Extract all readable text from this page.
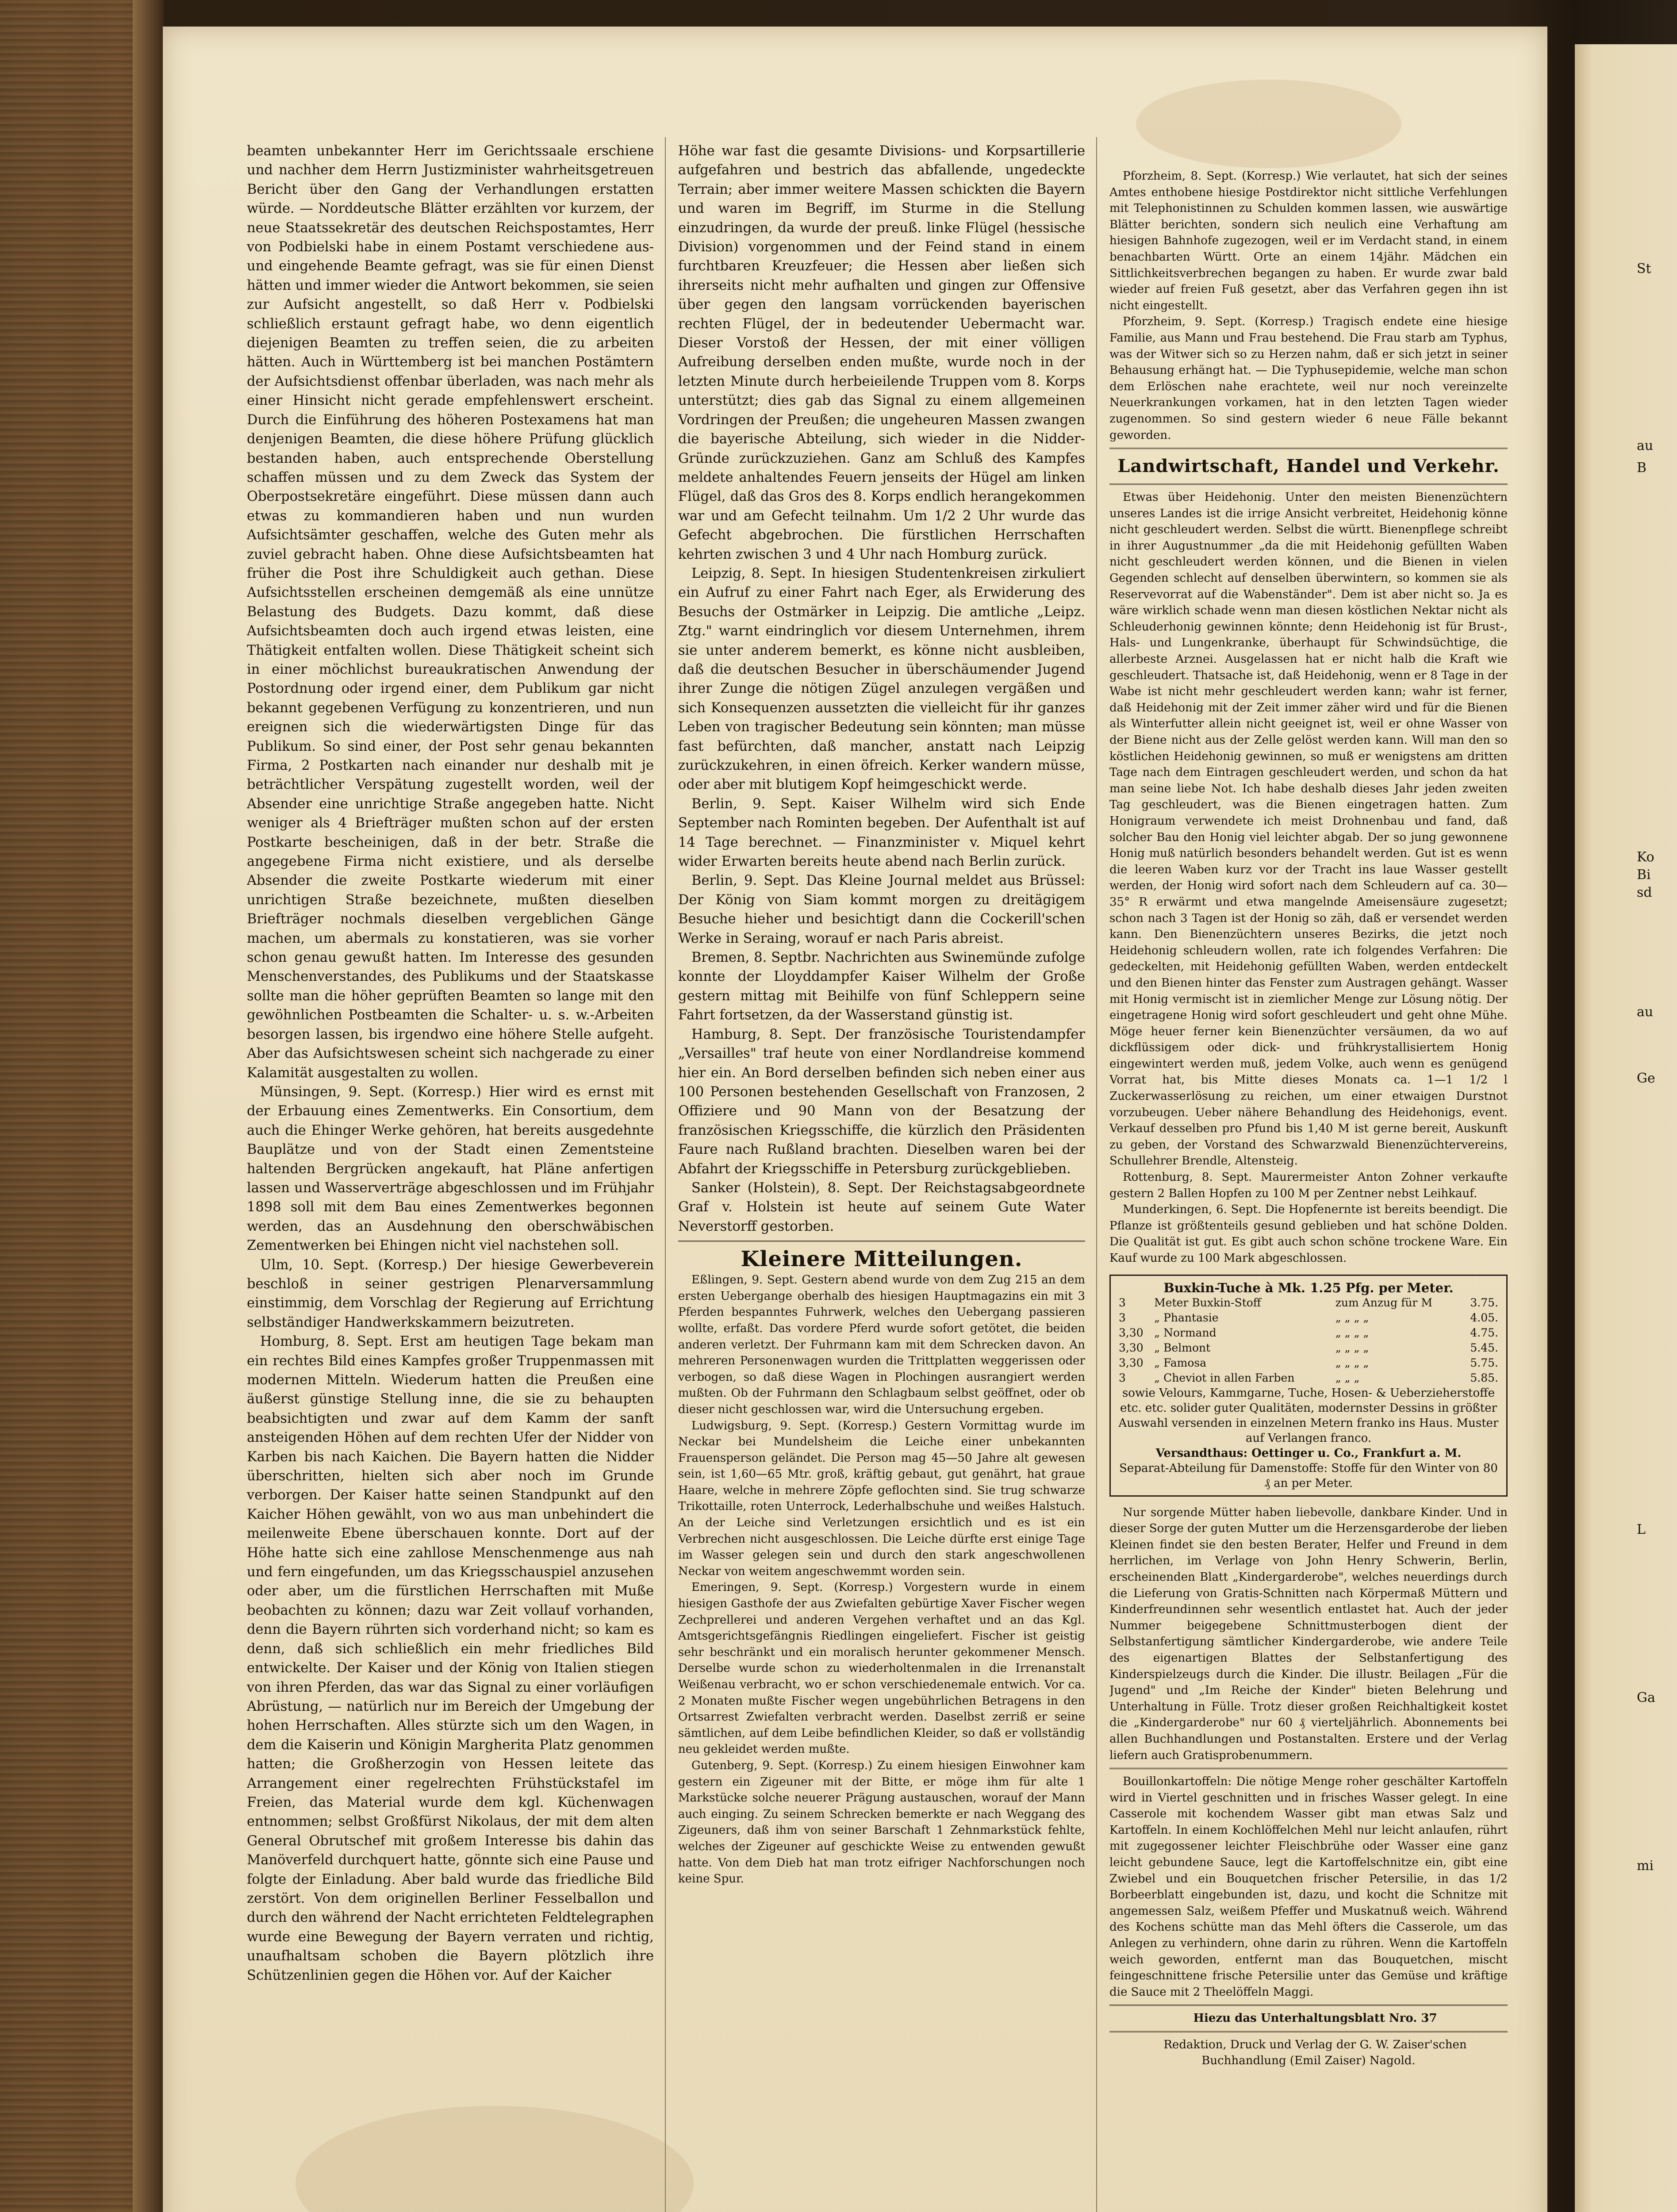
beamten unbekannter Herr im Gerichtssaale erschiene und nachher dem Herrn Justizminister wahrheitsgetreuen Bericht über den Gang der Verhandlungen erstatten würde. — Norddeutsche Blätter erzählten vor kurzem, der neue Staatssekretär des deutschen Reichspostamtes, Herr von Podbielski habe in einem Postamt verschiedene aus- und eingehende Beamte gefragt, was sie für einen Dienst hätten und immer wieder die Antwort bekommen, sie seien zur Aufsicht angestellt, so daß Herr v. Podbielski schließlich erstaunt gefragt habe, wo denn eigentlich diejenigen Beamten zu treffen seien, die zu arbeiten hätten. Auch in Württemberg ist bei manchen Postämtern der Aufsichtsdienst offenbar überladen, was nach mehr als einer Hinsicht nicht gerade empfehlenswert erscheint. Durch die Einführung des höheren Postexamens hat man denjenigen Beamten, die diese höhere Prüfung glücklich bestanden haben, auch entsprechende Oberstellung schaffen müssen und zu dem Zweck das System der Oberpostsekretäre eingeführt. Diese müssen dann auch etwas zu kommandieren haben und nun wurden Aufsichtsämter geschaffen, welche des Guten mehr als zuviel gebracht haben. Ohne diese Aufsichtsbeamten hat früher die Post ihre Schuldigkeit auch gethan. Diese Aufsichtsstellen erscheinen demgemäß als eine unnütze Belastung des Budgets. Dazu kommt, daß diese Aufsichtsbeamten doch auch irgend etwas leisten, eine Thätigkeit entfalten wollen. Diese Thätigkeit scheint sich in einer möchlichst bureaukratischen Anwendung der Postordnung oder irgend einer, dem Publikum gar nicht bekannt gegebenen Verfügung zu konzentrieren, und nun ereignen sich die wiederwärtigsten Dinge für das Publikum. So sind einer, der Post sehr genau bekannten Firma, 2 Postkarten nach einander nur deshalb mit je beträchtlicher Verspätung zugestellt worden, weil der Absender eine unrichtige Straße angegeben hatte. Nicht weniger als 4 Briefträger mußten schon auf der ersten Postkarte bescheinigen, daß in der betr. Straße die angegebene Firma nicht existiere, und als derselbe Absender die zweite Postkarte wiederum mit einer unrichtigen Straße bezeichnete, mußten dieselben Briefträger nochmals dieselben vergeblichen Gänge machen, um abermals zu konstatieren, was sie vorher schon genau gewußt hatten. Im Interesse des gesunden Menschenverstandes, des Publikums und der Staatskasse sollte man die höher geprüften Beamten so lange mit den gewöhnlichen Postbeamten die Schalter- u. s. w.-Arbeiten besorgen lassen, bis irgendwo eine höhere Stelle aufgeht. Aber das Aufsichtswesen scheint sich nachgerade zu einer Kalamität ausgestalten zu wollen.

Münsingen, 9. Sept. (Korresp.) Hier wird es ernst mit der Erbauung eines Zementwerks. Ein Consortium, dem auch die Ehinger Werke gehören, hat bereits ausgedehnte Bauplätze und von der Stadt einen Zementsteine haltenden Bergrücken angekauft, hat Pläne anfertigen lassen und Wasserverträge abgeschlossen und im Frühjahr 1898 soll mit dem Bau eines Zementwerkes begonnen werden, das an Ausdehnung den oberschwäbischen Zementwerken bei Ehingen nicht viel nachstehen soll.

Ulm, 10. Sept. (Korresp.) Der hiesige Gewerbeverein beschloß in seiner gestrigen Plenarversammlung einstimmig, dem Vorschlag der Regierung auf Errichtung selbständiger Handwerkskammern beizutreten.

Homburg, 8. Sept. Erst am heutigen Tage bekam man ein rechtes Bild eines Kampfes großer Truppenmassen mit modernen Mitteln. Wiederum hatten die Preußen eine äußerst günstige Stellung inne, die sie zu behaupten beabsichtigten und zwar auf dem Kamm der sanft ansteigenden Höhen auf dem rechten Ufer der Nidder von Karben bis nach Kaichen. Die Bayern hatten die Nidder überschritten, hielten sich aber noch im Grunde verborgen. Der Kaiser hatte seinen Standpunkt auf den Kaicher Höhen gewählt, von wo aus man unbehindert die meilenweite Ebene überschauen konnte. Dort auf der Höhe hatte sich eine zahllose Menschenmenge aus nah und fern eingefunden, um das Kriegsschauspiel anzusehen oder aber, um die fürstlichen Herrschaften mit Muße beobachten zu können; dazu war Zeit vollauf vorhanden, denn die Bayern rührten sich vorderhand nicht; so kam es denn, daß sich schließlich ein mehr friedliches Bild entwickelte. Der Kaiser und der König von Italien stiegen von ihren Pferden, das war das Signal zu einer vorläufigen Abrüstung, — natürlich nur im Bereich der Umgebung der hohen Herrschaften. Alles stürzte sich um den Wagen, in dem die Kaiserin und Königin Margherita Platz genommen hatten; die Großherzogin von Hessen leitete das Arrangement einer regelrechten Frühstückstafel im Freien, das Material wurde dem kgl. Küchenwagen entnommen; selbst Großfürst Nikolaus, der mit dem alten General Obrutschef mit großem Interesse bis dahin das Manöverfeld durchquert hatte, gönnte sich eine Pause und folgte der Einladung. Aber bald wurde das friedliche Bild zerstört. Von dem originellen Berliner Fesselballon und durch den während der Nacht errichteten Feldtelegraphen wurde eine Bewegung der Bayern verraten und richtig, unaufhaltsam schoben die Bayern plötzlich ihre Schützenlinien gegen die Höhen vor. Auf der Kaicher

Höhe war fast die gesamte Divisions- und Korpsartillerie aufgefahren und bestrich das abfallende, ungedeckte Terrain; aber immer weitere Massen schickten die Bayern und waren im Begriff, im Sturme in die Stellung einzudringen, da wurde der preuß. linke Flügel (hessische Division) vorgenommen und der Feind stand in einem furchtbaren Kreuzfeuer; die Hessen aber ließen sich ihrerseits nicht mehr aufhalten und gingen zur Offensive über gegen den langsam vorrückenden bayerischen rechten Flügel, der in bedeutender Uebermacht war. Dieser Vorstoß der Hessen, der mit einer völligen Aufreibung derselben enden mußte, wurde noch in der letzten Minute durch herbeieilende Truppen vom 8. Korps unterstützt; dies gab das Signal zu einem allgemeinen Vordringen der Preußen; die ungeheuren Massen zwangen die bayerische Abteilung, sich wieder in die Nidder-Gründe zurückzuziehen. Ganz am Schluß des Kampfes meldete anhaltendes Feuern jenseits der Hügel am linken Flügel, daß das Gros des 8. Korps endlich herangekommen war und am Gefecht teilnahm. Um 1/2 2 Uhr wurde das Gefecht abgebrochen. Die fürstlichen Herrschaften kehrten zwischen 3 und 4 Uhr nach Homburg zurück.

Leipzig, 8. Sept. In hiesigen Studentenkreisen zirkuliert ein Aufruf zu einer Fahrt nach Eger, als Erwiderung des Besuchs der Ostmärker in Leipzig. Die amtliche „Leipz. Ztg." warnt eindringlich vor diesem Unternehmen, ihrem sie unter anderem bemerkt, es könne nicht ausbleiben, daß die deutschen Besucher in überschäumender Jugend ihrer Zunge die nötigen Zügel anzulegen vergäßen und sich Konsequenzen aussetzten die vielleicht für ihr ganzes Leben von tragischer Bedeutung sein könnten; man müsse fast befürchten, daß mancher, anstatt nach Leipzig zurückzukehren, in einen öfreich. Kerker wandern müsse, oder aber mit blutigem Kopf heimgeschickt werde.

Berlin, 9. Sept. Kaiser Wilhelm wird sich Ende September nach Rominten begeben. Der Aufenthalt ist auf 14 Tage berechnet. — Finanzminister v. Miquel kehrt wider Erwarten bereits heute abend nach Berlin zurück.

Berlin, 9. Sept. Das Kleine Journal meldet aus Brüssel: Der König von Siam kommt morgen zu dreitägigem Besuche hieher und besichtigt dann die Cockerill'schen Werke in Seraing, worauf er nach Paris abreist.

Bremen, 8. Septbr. Nachrichten aus Swinemünde zufolge konnte der Lloyddampfer Kaiser Wilhelm der Große gestern mittag mit Beihilfe von fünf Schleppern seine Fahrt fortsetzen, da der Wasserstand günstig ist.

Hamburg, 8. Sept. Der französische Touristendampfer „Versailles" traf heute von einer Nordlandreise kommend hier ein. An Bord derselben befinden sich neben einer aus 100 Personen bestehenden Gesellschaft von Franzosen, 2 Offiziere und 90 Mann von der Besatzung der französischen Kriegsschiffe, die kürzlich den Präsidenten Faure nach Rußland brachten. Dieselben waren bei der Abfahrt der Kriegsschiffe in Petersburg zurückgeblieben.

Sanker (Holstein), 8. Sept. Der Reichstagsabgeordnete Graf v. Holstein ist heute auf seinem Gute Water Neverstorff gestorben.

Kleinere Mitteilungen.

Eßlingen, 9. Sept. Gestern abend wurde von dem Zug 215 an dem ersten Uebergange oberhalb des hiesigen Hauptmagazins ein mit 3 Pferden bespanntes Fuhrwerk, welches den Uebergang passieren wollte, erfaßt. Das vordere Pferd wurde sofort getötet, die beiden anderen verletzt. Der Fuhrmann kam mit dem Schrecken davon. An mehreren Personenwagen wurden die Trittplatten weggerissen oder verbogen, so daß diese Wagen in Plochingen ausrangiert werden mußten. Ob der Fuhrmann den Schlagbaum selbst geöffnet, oder ob dieser nicht geschlossen war, wird die Untersuchung ergeben.

Ludwigsburg, 9. Sept. (Korresp.) Gestern Vormittag wurde im Neckar bei Mundelsheim die Leiche einer unbekannten Frauensperson geländet. Die Person mag 45—50 Jahre alt gewesen sein, ist 1,60—65 Mtr. groß, kräftig gebaut, gut genährt, hat graue Haare, welche in mehrere Zöpfe geflochten sind. Sie trug schwarze Trikottaille, roten Unterrock, Lederhalbschuhe und weißes Halstuch. An der Leiche sind Verletzungen ersichtlich und es ist ein Verbrechen nicht ausgeschlossen. Die Leiche dürfte erst einige Tage im Wasser gelegen sein und durch den stark angeschwollenen Neckar von weitem angeschwemmt worden sein.

Emeringen, 9. Sept. (Korresp.) Vorgestern wurde in einem hiesigen Gasthofe der aus Zwiefalten gebürtige Xaver Fischer wegen Zechprellerei und anderen Vergehen verhaftet und an das Kgl. Amtsgerichtsgefängnis Riedlingen eingeliefert. Fischer ist geistig sehr beschränkt und ein moralisch herunter gekommener Mensch. Derselbe wurde schon zu wiederholtenmalen in die Irrenanstalt Weißenau verbracht, wo er schon verschiedenemale entwich. Vor ca. 2 Monaten mußte Fischer wegen ungebührlichen Betragens in den Ortsarrest Zwiefalten verbracht werden. Daselbst zerriß er seine sämtlichen, auf dem Leibe befindlichen Kleider, so daß er vollständig neu gekleidet werden mußte.

Gutenberg, 9. Sept. (Korresp.) Zu einem hiesigen Einwohner kam gestern ein Zigeuner mit der Bitte, er möge ihm für alte 1 Markstücke solche neuerer Prägung austauschen, worauf der Mann auch einging. Zu seinem Schrecken bemerkte er nach Weggang des Zigeuners, daß ihm von seiner Barschaft 1 Zehnmarkstück fehlte, welches der Zigeuner auf geschickte Weise zu entwenden gewußt hatte. Von dem Dieb hat man trotz eifriger Nachforschungen noch keine Spur.

Pforzheim, 8. Sept. (Korresp.) Wie verlautet, hat sich der seines Amtes enthobene hiesige Postdirektor nicht sittliche Verfehlungen mit Telephonistinnen zu Schulden kommen lassen, wie auswärtige Blätter berichten, sondern sich neulich eine Verhaftung am hiesigen Bahnhofe zugezogen, weil er im Verdacht stand, in einem benachbarten Württ. Orte an einem 14jähr. Mädchen ein Sittlichkeitsverbrechen begangen zu haben. Er wurde zwar bald wieder auf freien Fuß gesetzt, aber das Verfahren gegen ihn ist nicht eingestellt.

Pforzheim, 9. Sept. (Korresp.) Tragisch endete eine hiesige Familie, aus Mann und Frau bestehend. Die Frau starb am Typhus, was der Witwer sich so zu Herzen nahm, daß er sich jetzt in seiner Behausung erhängt hat. — Die Typhusepidemie, welche man schon dem Erlöschen nahe erachtete, weil nur noch vereinzelte Neuerkrankungen vorkamen, hat in den letzten Tagen wieder zugenommen. So sind gestern wieder 6 neue Fälle bekannt geworden.

Landwirtschaft, Handel und Verkehr.

Etwas über Heidehonig. Unter den meisten Bienenzüchtern unseres Landes ist die irrige Ansicht verbreitet, Heidehonig könne nicht geschleudert werden. Selbst die württ. Bienenpflege schreibt in ihrer Augustnummer „da die mit Heidehonig gefüllten Waben nicht geschleudert werden können, und die Bienen in vielen Gegenden schlecht auf denselben überwintern, so kommen sie als Reservevorrat auf die Wabenständer". Dem ist aber nicht so. Ja es wäre wirklich schade wenn man diesen köstlichen Nektar nicht als Schleuderhonig gewinnen könnte; denn Heidehonig ist für Brust-, Hals- und Lungenkranke, überhaupt für Schwindsüchtige, die allerbeste Arznei. Ausgelassen hat er nicht halb die Kraft wie geschleudert. Thatsache ist, daß Heidehonig, wenn er 8 Tage in der Wabe ist nicht mehr geschleudert werden kann; wahr ist ferner, daß Heidehonig mit der Zeit immer zäher wird und für die Bienen als Winterfutter allein nicht geeignet ist, weil er ohne Wasser von der Biene nicht aus der Zelle gelöst werden kann. Will man den so köstlichen Heidehonig gewinnen, so muß er wenigstens am dritten Tage nach dem Eintragen geschleudert werden, und schon da hat man seine liebe Not. Ich habe deshalb dieses Jahr jeden zweiten Tag geschleudert, was die Bienen eingetragen hatten. Zum Honigraum verwendete ich meist Drohnenbau und fand, daß solcher Bau den Honig viel leichter abgab. Der so jung gewonnene Honig muß natürlich besonders behandelt werden. Gut ist es wenn die leeren Waben kurz vor der Tracht ins laue Wasser gestellt werden, der Honig wird sofort nach dem Schleudern auf ca. 30—35° R erwärmt und etwa mangelnde Ameisensäure zugesetzt; schon nach 3 Tagen ist der Honig so zäh, daß er versendet werden kann. Den Bienenzüchtern unseres Bezirks, die jetzt noch Heidehonig schleudern wollen, rate ich folgendes Verfahren: Die gedeckelten, mit Heidehonig gefüllten Waben, werden entdeckelt und den Bienen hinter das Fenster zum Austragen gehängt. Wasser mit Honig vermischt ist in ziemlicher Menge zur Lösung nötig. Der eingetragene Honig wird sofort geschleudert und geht ohne Mühe. Möge heuer ferner kein Bienenzüchter versäumen, da wo auf dickflüssigem oder dick- und frühkrystallisiertem Honig eingewintert werden muß, jedem Volke, auch wenn es genügend Vorrat hat, bis Mitte dieses Monats ca. 1—1 1/2 l Zuckerwasserlösung zu reichen, um einer etwaigen Durstnot vorzubeugen. Ueber nähere Behandlung des Heidehonigs, event. Verkauf desselben pro Pfund bis 1,40 M ist gerne bereit, Auskunft zu geben, der Vorstand des Schwarzwald Bienenzüchtervereins, Schullehrer Brendle, Altensteig.

Rottenburg, 8. Sept. Maurermeister Anton Zohner verkaufte gestern 2 Ballen Hopfen zu 100 M per Zentner nebst Leihkauf.

Munderkingen, 6. Sept. Die Hopfenernte ist bereits beendigt. Die Pflanze ist größtenteils gesund geblieben und hat schöne Dolden. Die Qualität ist gut. Es gibt auch schon schöne trockene Ware. Ein Kauf wurde zu 100 Mark abgeschlossen.

Buxkin-Tuche à Mk. 1.25 Pfg. per Meter.
3	Meter Buxkin-Stoff	zum Anzug für M	3.75.
3	„ Phantasie	„ „ „ „	4.05.
3,30	„ Normand	„ „ „ „	4.75.
3,30	„ Belmont	„ „ „ „	5.45.
3,30	„ Famosa	„ „ „ „	5.75.
3	„ Cheviot in allen Farben	„ „ „	5.85.
sowie Velours, Kammgarne, Tuche, Hosen- & Ueberzieherstoffe etc. etc. solider guter Qualitäten, modernster Dessins in größter Auswahl versenden in einzelnen Metern franko ins Haus. Muster auf Verlangen franco.
Versandthaus: Oettinger u. Co., Frankfurt a. M.
Separat-Abteilung für Damenstoffe: Stoffe für den Winter von 80 ₰ an per Meter.

Nur sorgende Mütter haben liebevolle, dankbare Kinder. Und in dieser Sorge der guten Mutter um die Herzensgarderobe der lieben Kleinen findet sie den besten Berater, Helfer und Freund in dem herrlichen, im Verlage von John Henry Schwerin, Berlin, erscheinenden Blatt „Kindergarderobe", welches neuerdings durch die Lieferung von Gratis-Schnitten nach Körpermaß Müttern und Kinderfreundinnen sehr wesentlich entlastet hat. Auch der jeder Nummer beigegebene Schnittmusterbogen dient der Selbstanfertigung sämtlicher Kindergarderobe, wie andere Teile des eigenartigen Blattes der Selbstanfertigung des Kinderspielzeugs durch die Kinder. Die illustr. Beilagen „Für die Jugend" und „Im Reiche der Kinder" bieten Belehrung und Unterhaltung in Fülle. Trotz dieser großen Reichhaltigkeit kostet die „Kindergarderobe" nur 60 ₰ vierteljährlich. Abonnements bei allen Buchhandlungen und Postanstalten. Erstere und der Verlag liefern auch Gratisprobenummern.

Bouillonkartoffeln: Die nötige Menge roher geschälter Kartoffeln wird in Viertel geschnitten und in frisches Wasser gelegt. In eine Casserole mit kochendem Wasser gibt man etwas Salz und Kartoffeln. In einem Kochlöffelchen Mehl nur leicht anlaufen, rührt mit zugegossener leichter Fleischbrühe oder Wasser eine ganz leicht gebundene Sauce, legt die Kartoffelschnitze ein, gibt eine Zwiebel und ein Bouquetchen frischer Petersilie, in das 1/2 Borbeerblatt eingebunden ist, dazu, und kocht die Schnitze mit angemessen Salz, weißem Pfeffer und Muskatnuß weich. Während des Kochens schütte man das Mehl öfters die Casserole, um das Anlegen zu verhindern, ohne darin zu rühren. Wenn die Kartoffeln weich geworden, entfernt man das Bouquetchen, mischt feingeschnittene frische Petersilie unter das Gemüse und kräftige die Sauce mit 2 Theelöffeln Maggi.

Hiezu das Unterhaltungsblatt Nro. 37

Redaktion, Druck und Verlag der G. W. Zaiser'schen Buchhandlung (Emil Zaiser) Nagold.

St
au
B
Ko
Bi
sd
au
Ge
L
Ga
mi
